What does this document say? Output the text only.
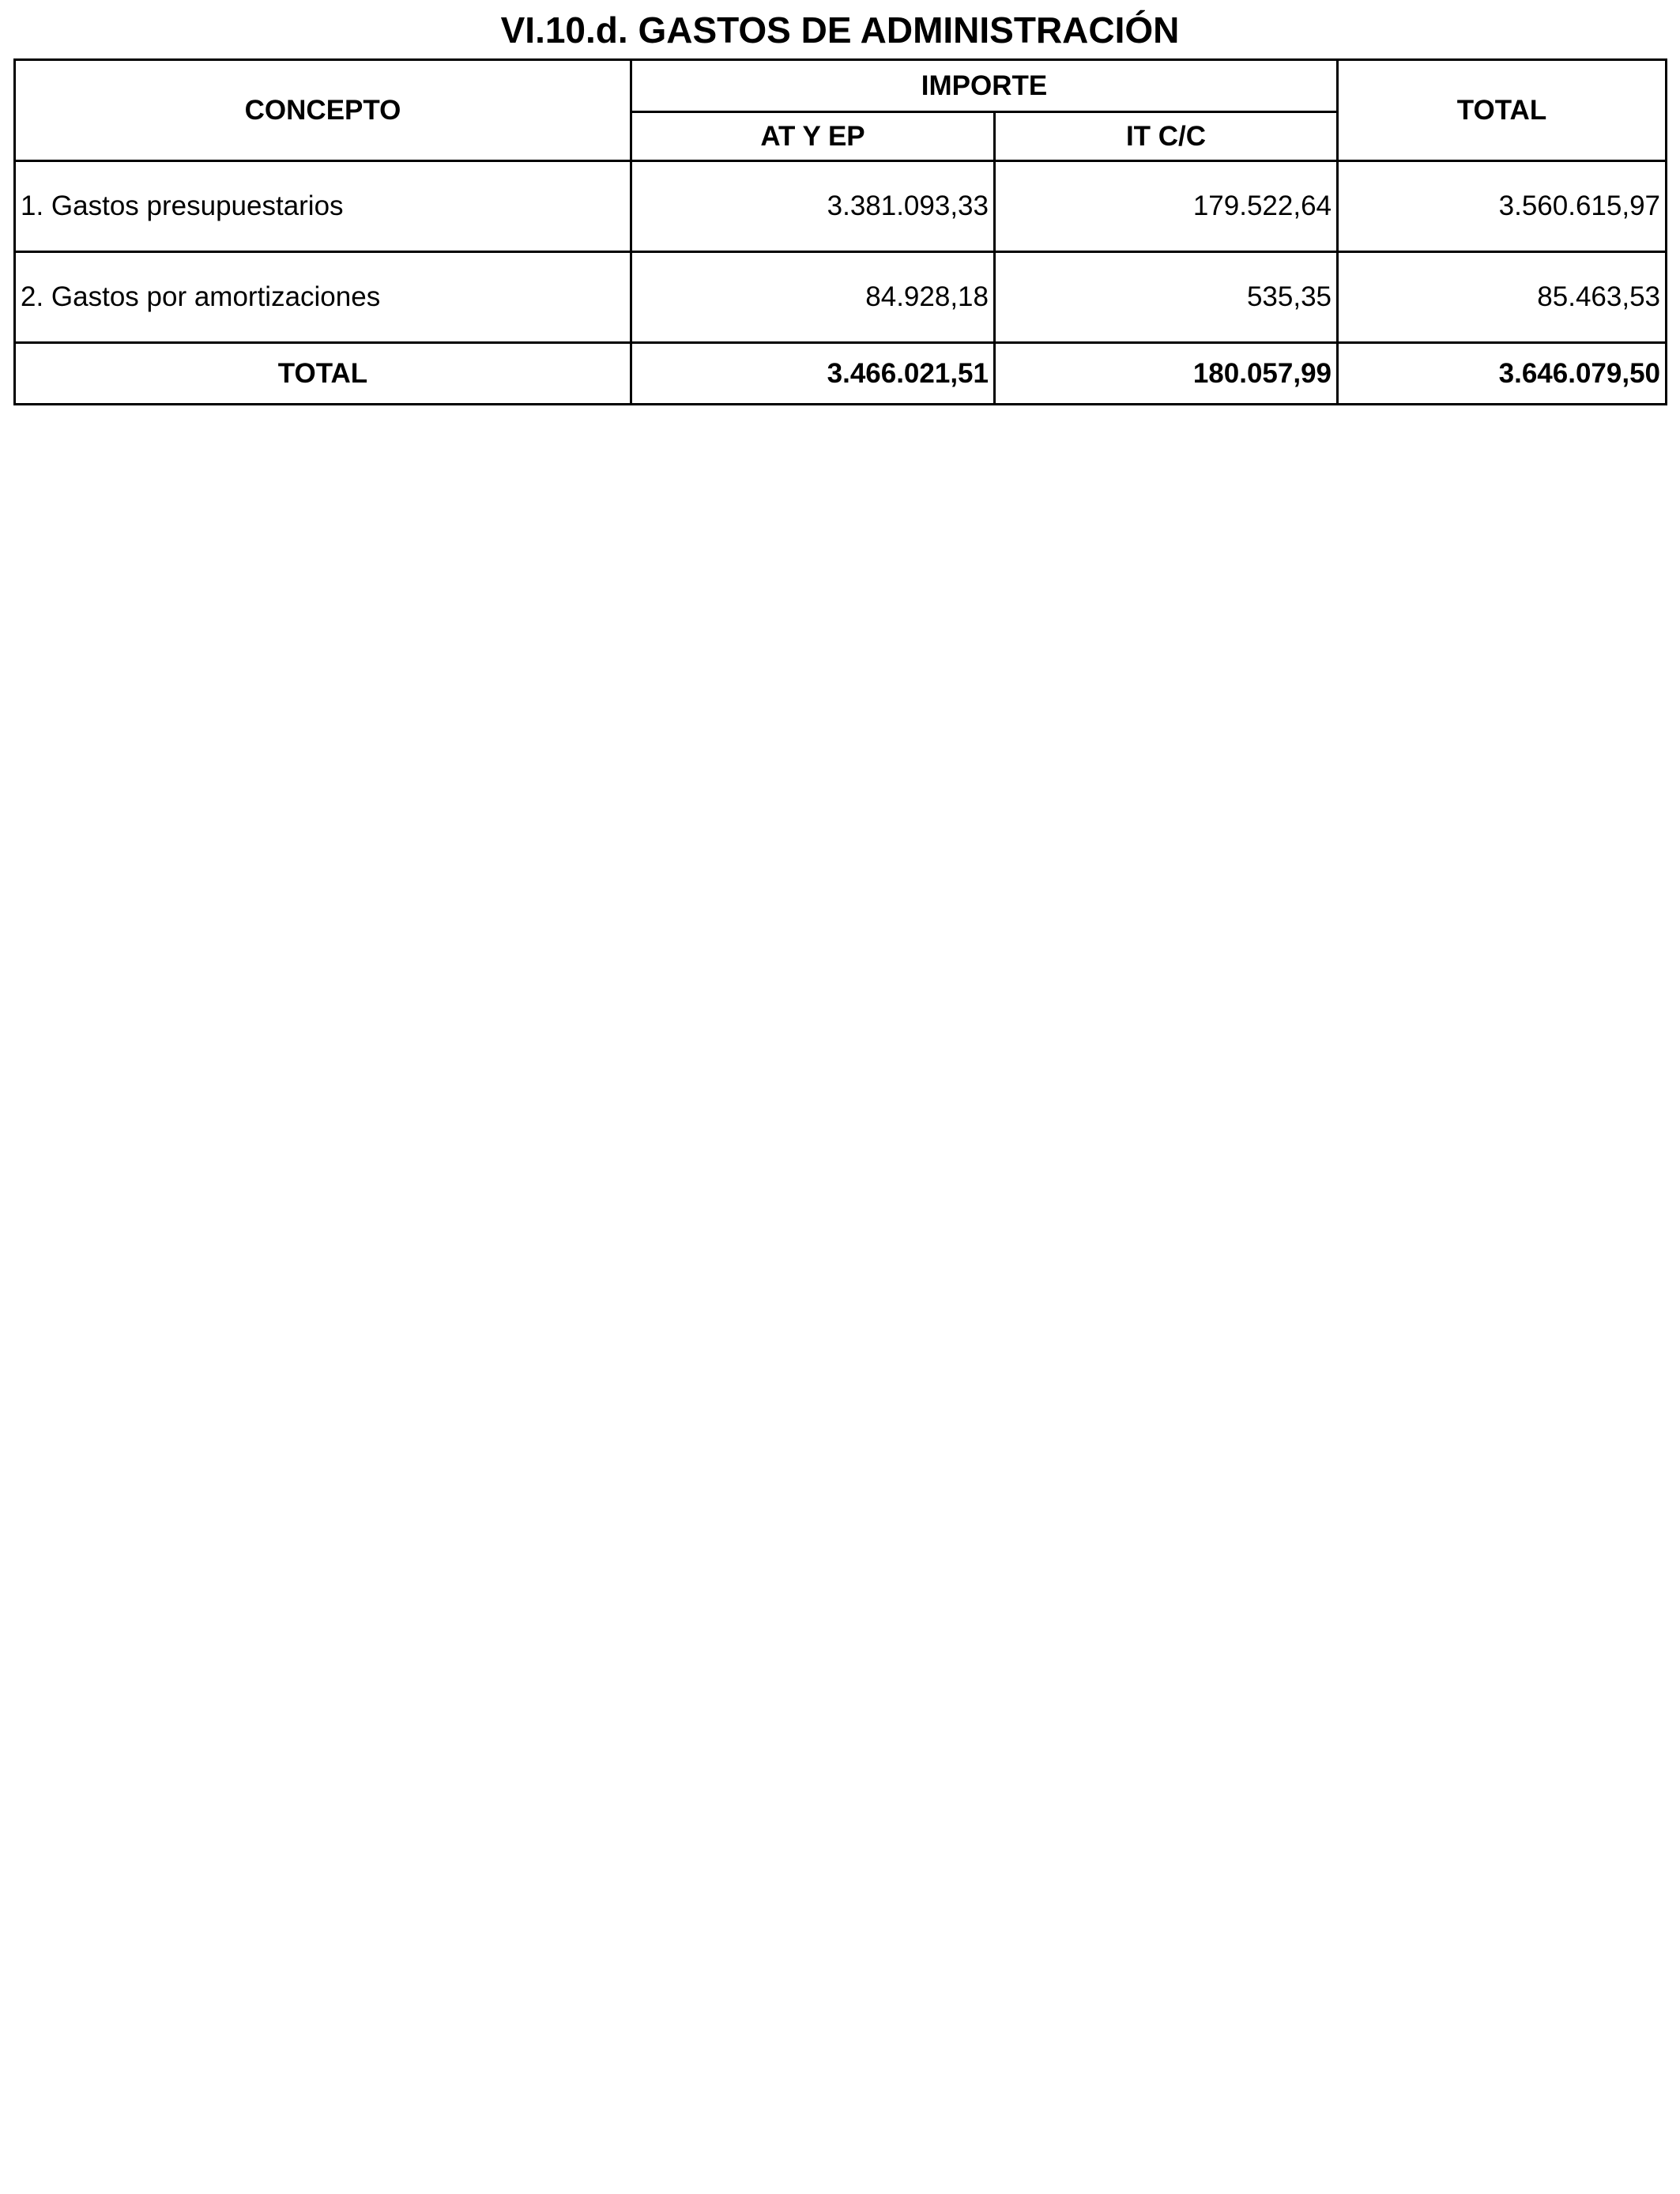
VI.10.d. GASTOS DE ADMINISTRACIÓN
CONCEPTO	IMPORTE		TOTAL
	AT Y EP	IT C/C	
1. Gastos presupuestarios	3.381.093,33	179.522,64	3.560.615,97
2. Gastos por amortizaciones	84.928,18	535,35	85.463,53
TOTAL	3.466.021,51	180.057,99	3.646.079,50
